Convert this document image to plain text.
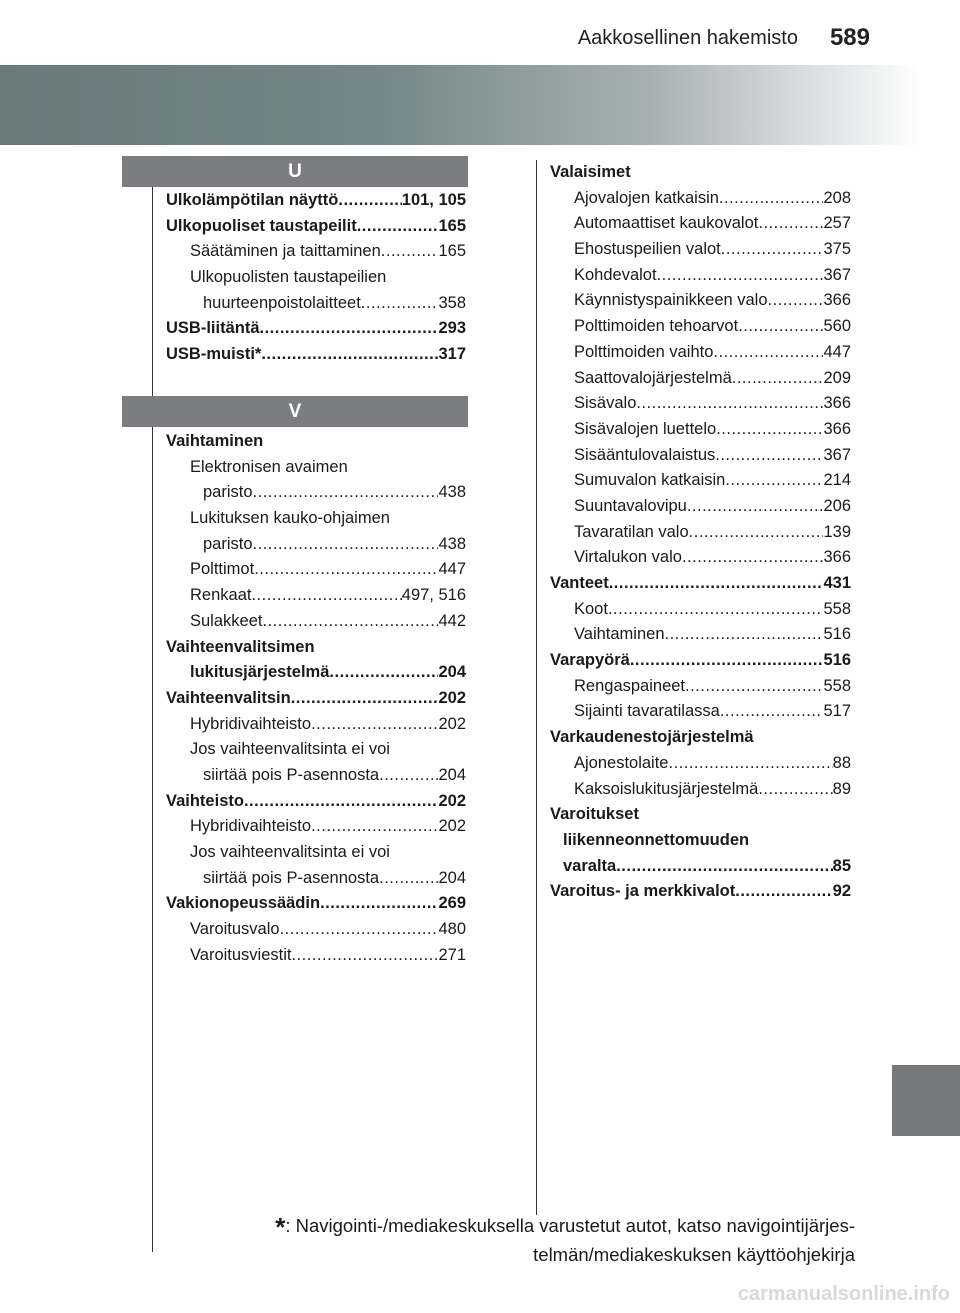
Aakkosellinen hakemisto 589
U
V
Ulkolämpötilan näyttö .....	101, 105
Ulkopuoliset taustapeilit .....	165
Säätäminen ja taittaminen .....	165
Ulkopuolisten taustapeilien
huurteenpoistolaitteet .....	358
USB-liitäntä .....	293
USB-muisti* .....	317
Vaihtaminen
Elektronisen avaimen
paristo .....	438
Lukituksen kauko-ohjaimen
paristo .....	438
Polttimot .....	447
Renkaat .....	497, 516
Sulakkeet .....	442
Vaihteenvalitsimen
lukitusjärjestelmä .....	204
Vaihteenvalitsin .....	202
Hybridivaihteisto .....	202
Jos vaihteenvalitsinta ei voi
siirtää pois P-asennosta .....	204
Vaihteisto .....	202
Hybridivaihteisto .....	202
Jos vaihteenvalitsinta ei voi
siirtää pois P-asennosta .....	204
Vakionopeussäädin .....	269
Varoitusvalo .....	480
Varoitusviestit .....	271
Valaisimet
Ajovalojen katkaisin .....	208
Automaattiset kaukovalot .....	257
Ehostuspeilien valot .....	375
Kohdevalot .....	367
Käynnistyspainikkeen valo .....	366
Polttimoiden tehoarvot .....	560
Polttimoiden vaihto .....	447
Saattovalojärjestelmä .....	209
Sisävalo .....	366
Sisävalojen luettelo .....	366
Sisääntulovalaistus .....	367
Sumuvalon katkaisin .....	214
Suuntavalovipu .....	206
Tavaratilan valo .....	139
Virtalukon valo .....	366
Vanteet .....	431
Koot .....	558
Vaihtaminen .....	516
Varapyörä .....	516
Rengaspaineet .....	558
Sijainti tavaratilassa .....	517
Varkaudenestojärjestelmä
Ajonestolaite .....	88
Kaksoislukitusjärjestelmä .....	89
Varoitukset
liikenneonnettomuuden
varalta .....	85
Varoitus- ja merkkivalot .....	92
*: Navigointi-/mediakeskuksella varustetut autot, katso navigointijärjes-
telmän/mediakeskuksen käyttöohjekirja
carmanualsonline.info
